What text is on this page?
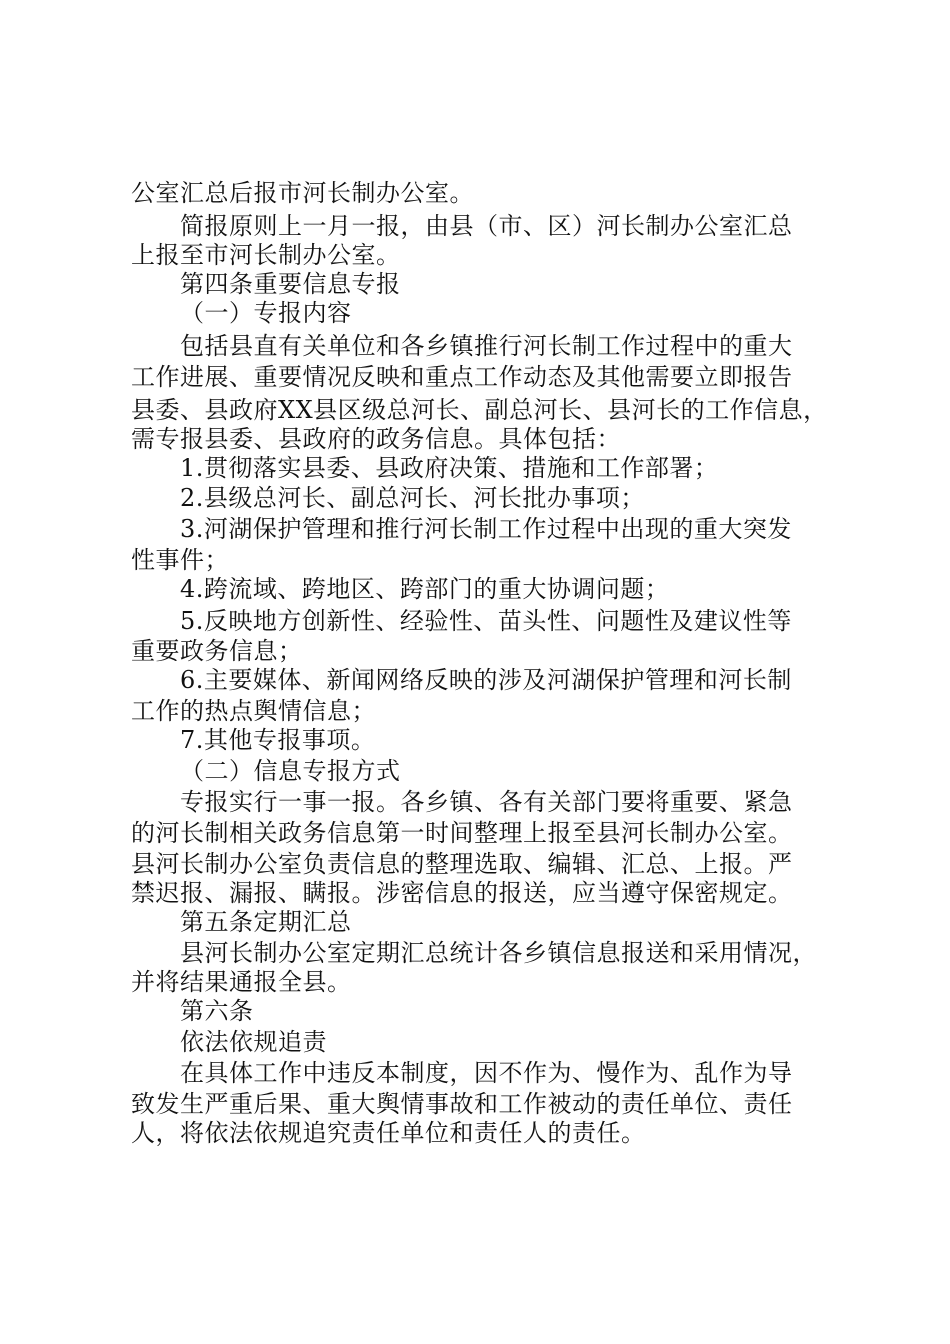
公室汇总后报市河长制办公室。
简报原则上一月一报，由县（市、区）河长制办公室汇总
上报至市河长制办公室。
第四条重要信息专报
（一）专报内容
包括县直有关单位和各乡镇推行河长制工作过程中的重大
工作进展、重要情况反映和重点工作动态及其他需要立即报告
县委、县政府XX县区级总河长、副总河长、县河长的工作信息，
需专报县委、县政府的政务信息。具体包括：
1.贯彻落实县委、县政府决策、措施和工作部署；
2.县级总河长、副总河长、河长批办事项；
3.河湖保护管理和推行河长制工作过程中出现的重大突发
性事件；
4.跨流域、跨地区、跨部门的重大协调问题；
5.反映地方创新性、经验性、苗头性、问题性及建议性等
重要政务信息；
6.主要媒体、新闻网络反映的涉及河湖保护管理和河长制
工作的热点舆情信息；
7.其他专报事项。
（二）信息专报方式
专报实行一事一报。各乡镇、各有关部门要将重要、紧急
的河长制相关政务信息第一时间整理上报至县河长制办公室。
县河长制办公室负责信息的整理选取、编辑、汇总、上报。严
禁迟报、漏报、瞒报。涉密信息的报送，应当遵守保密规定。
第五条定期汇总
县河长制办公室定期汇总统计各乡镇信息报送和采用情况，
并将结果通报全县。
第六条
依法依规追责
在具体工作中违反本制度，因不作为、慢作为、乱作为导
致发生严重后果、重大舆情事故和工作被动的责任单位、责任
人，将依法依规追究责任单位和责任人的责任。
